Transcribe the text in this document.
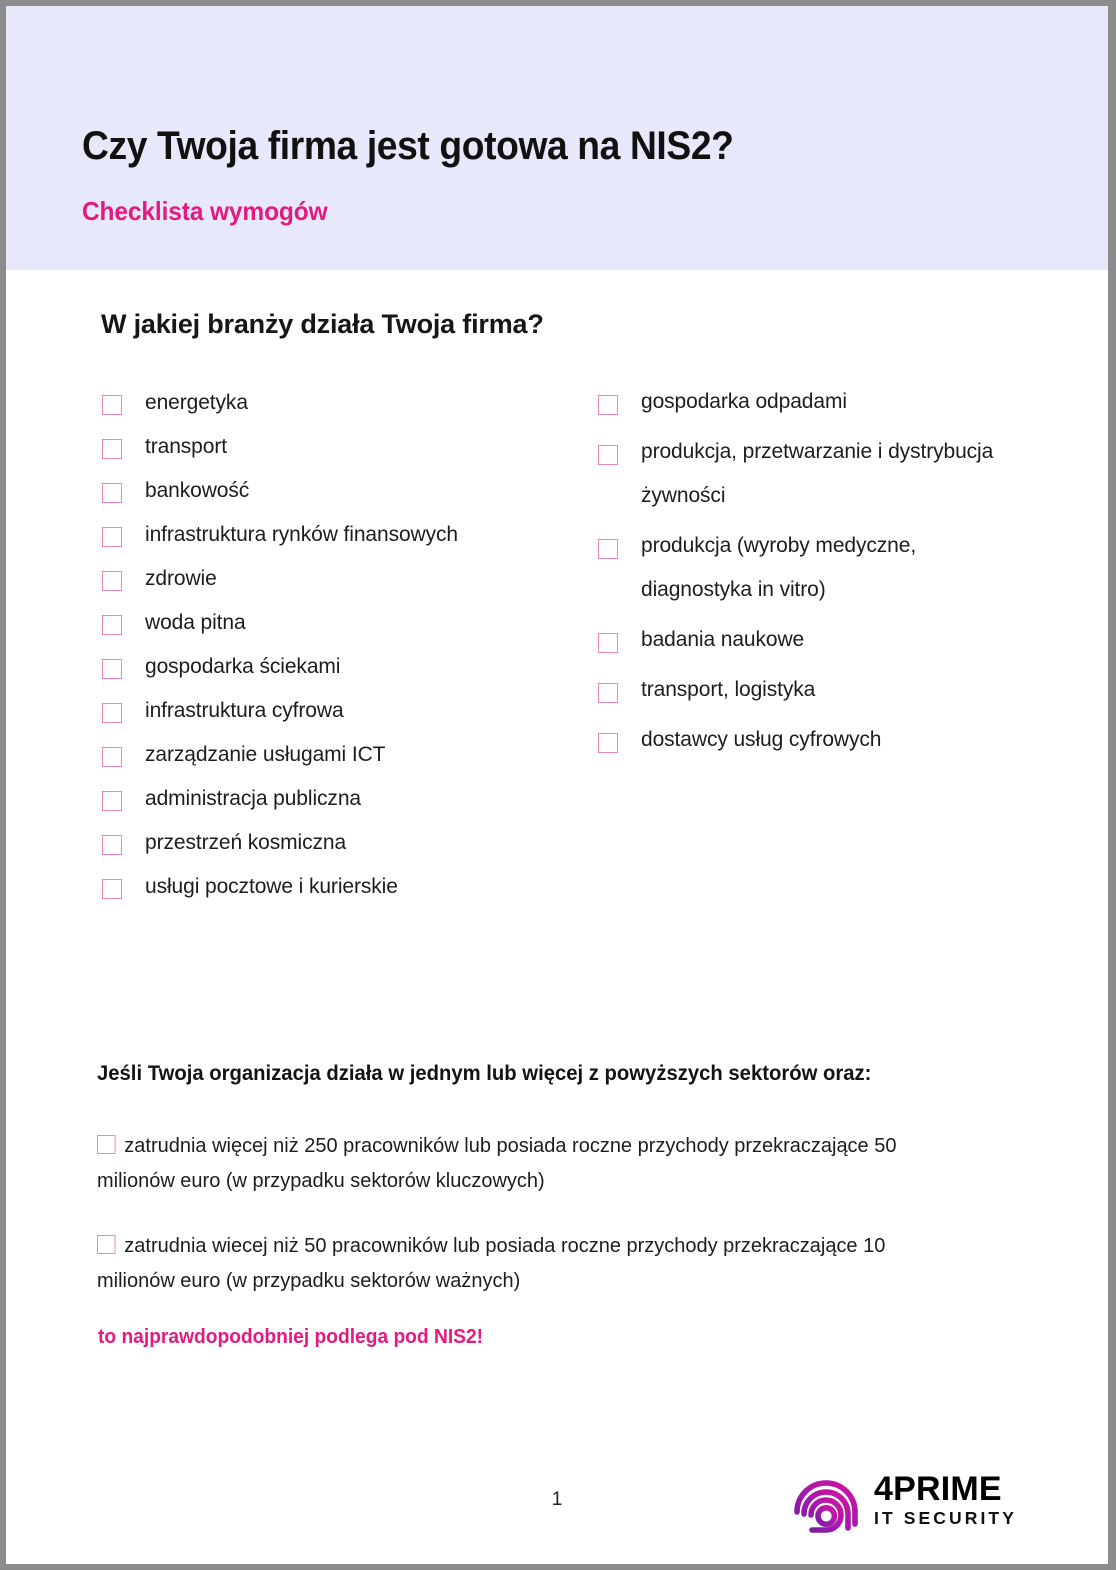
Czy Twoja firma jest gotowa na NIS2?
Checklista wymogów
W jakiej branży działa Twoja firma?
energetyka
transport
bankowość
infrastruktura rynków finansowych
zdrowie
woda pitna
gospodarka ściekami
infrastruktura cyfrowa
zarządzanie usługami ICT
administracja publiczna
przestrzeń kosmiczna
usługi pocztowe i kurierskie
gospodarka odpadami
produkcja, przetwarzanie i dystrybucja żywności
produkcja (wyroby medyczne, diagnostyka in vitro)
badania naukowe
transport, logistyka
dostawcy usług cyfrowych
Jeśli Twoja organizacja działa w jednym lub więcej z powyższych sektorów oraz:
zatrudnia więcej niż 250 pracowników lub posiada roczne przychody przekraczające 50 milionów euro (w przypadku sektorów kluczowych)
zatrudnia wiecej niż 50 pracowników lub posiada roczne przychody przekraczające 10 milionów euro (w przypadku sektorów ważnych)
to najprawdopodobniej podlega pod NIS2!
1	4PRIME
IT SECURITY
